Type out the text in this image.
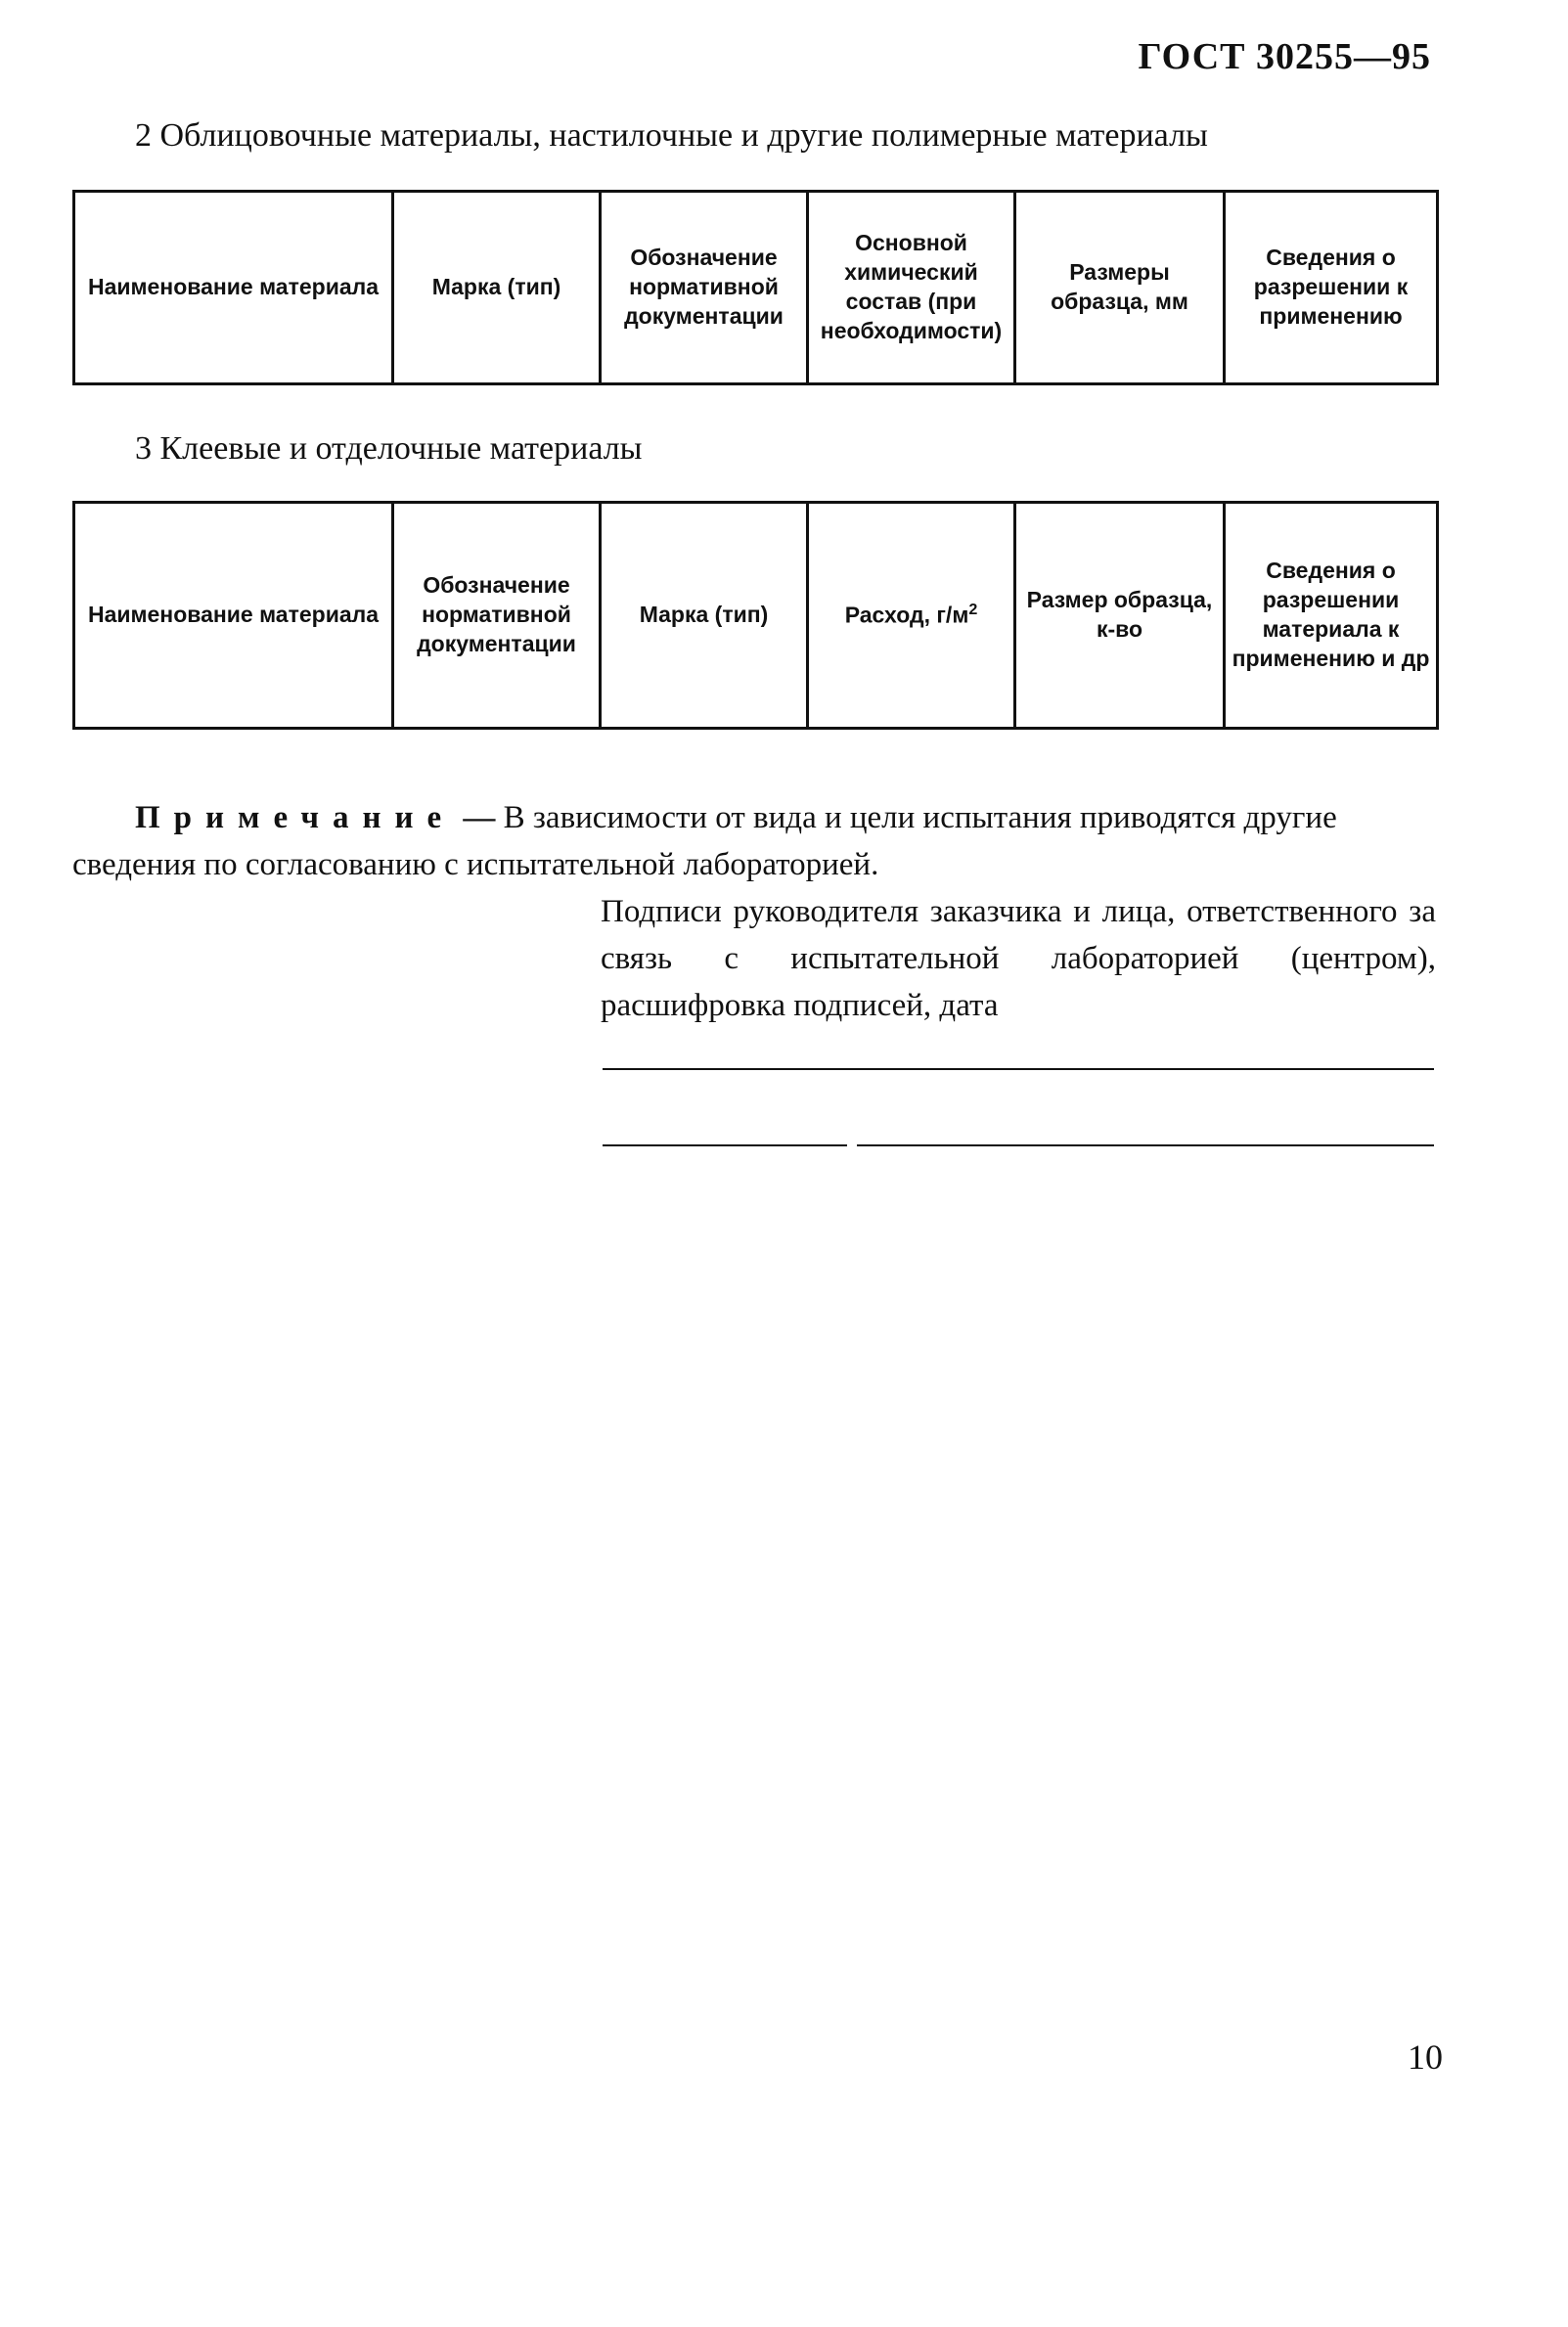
ГОСТ 30255—95
2 Облицовочные материалы, настилочные и другие полимерные материалы
Наименование материала	Марка (тип)	Обозначение нормативной документации	Основной химический состав (при необходимости)	Размеры образца, мм	Сведения о разрешении к применению
3 Клеевые и отделочные материалы
Наименование материала	Обозначение нормативной документации	Марка (тип)	Расход, $г/м^2$	Размер образца, к-во	Сведения о разрешении материала к применению и др
Примечание — В зависимости от вида и цели испытания приводятся другие сведения по согласованию с испытательной лабораторией.
Подписи руководителя заказчика и лица, ответственного за связь с испытательной лабораторией (центром), расшифровка подписей, дата
10
